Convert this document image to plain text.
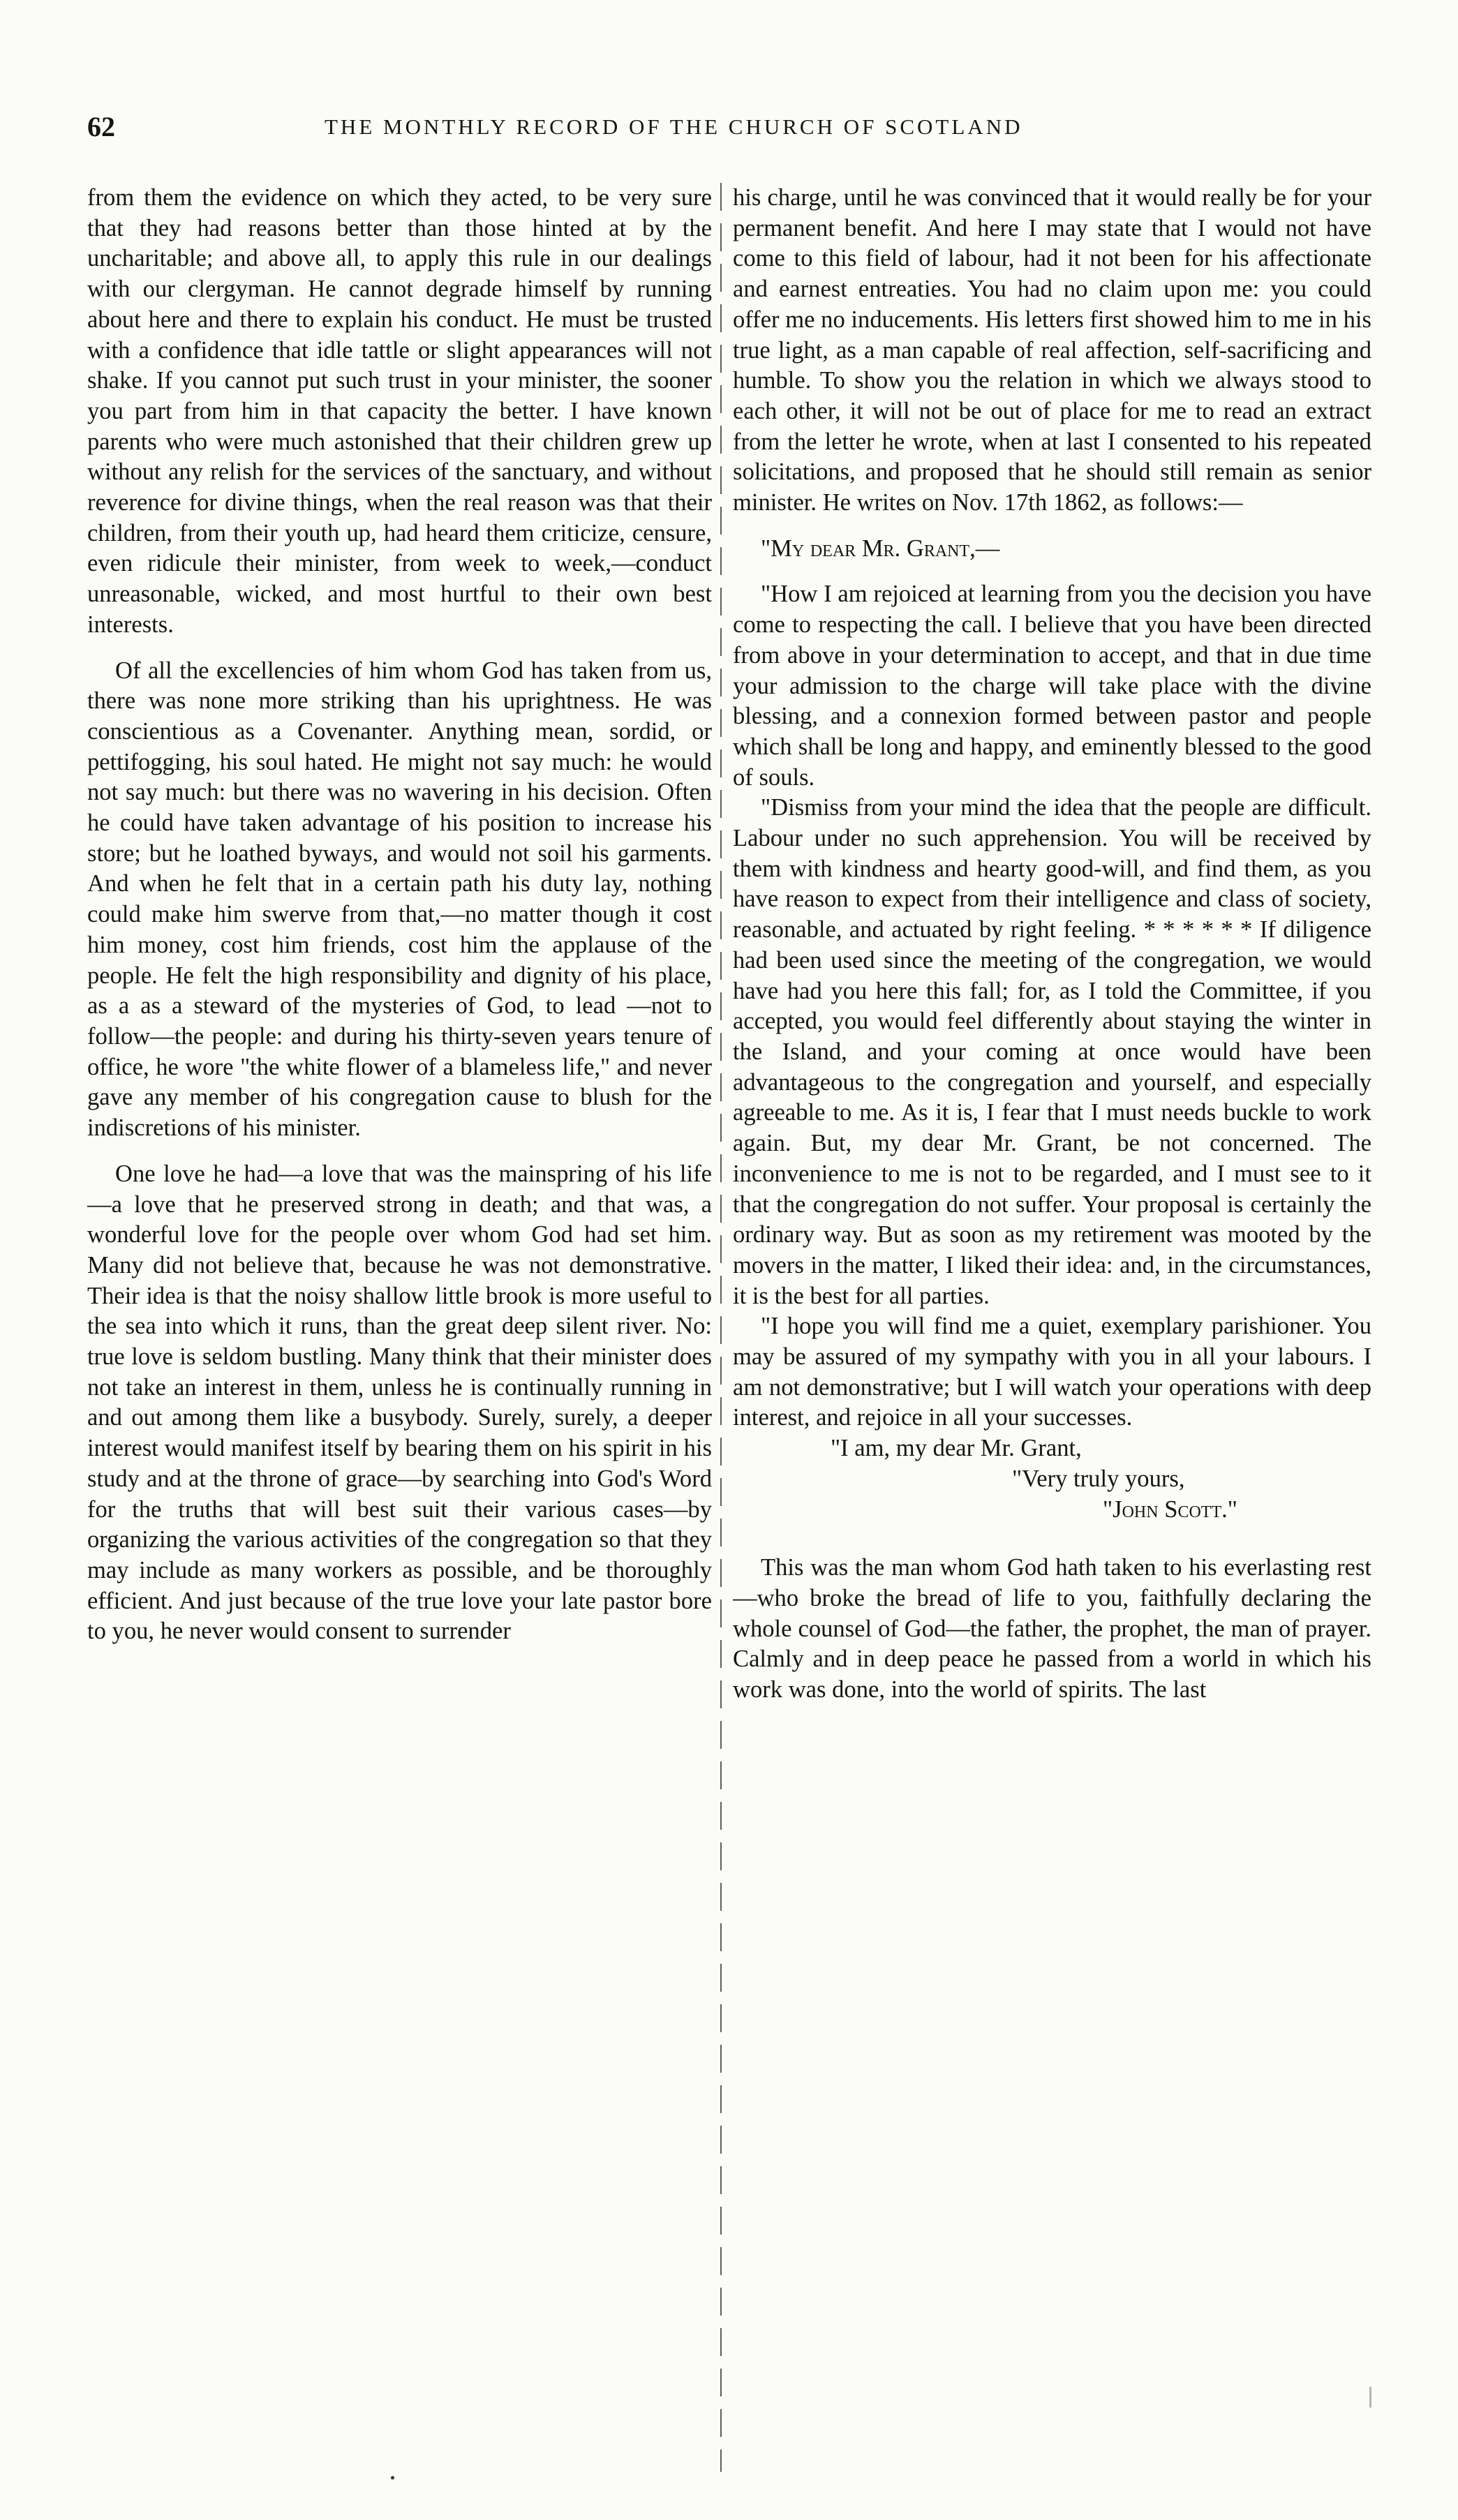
62	THE MONTHLY RECORD OF THE CHURCH OF SCOTLAND

from them the evidence on which they acted, to be very sure that they had reasons better than those hinted at by the uncharitable; and above all, to apply this rule in our dealings with our clergyman. He cannot degrade himself by running about here and there to explain his conduct. He must be trusted with a confidence that idle tattle or slight appearances will not shake. If you cannot put such trust in your minister, the sooner you part from him in that capacity the better. I have known parents who were much astonished that their children grew up without any relish for the services of the sanctuary, and without reverence for divine things, when the real reason was that their children, from their youth up, had heard them criticize, censure, even ridicule their minister, from week to week,—conduct unreasonable, wicked, and most hurtful to their own best interests.

Of all the excellencies of him whom God has taken from us, there was none more striking than his uprightness. He was conscientious as a Covenanter. Anything mean, sordid, or pettifogging, his soul hated. He might not say much: he would not say much: but there was no wavering in his decision. Often he could have taken advantage of his position to increase his store; but he loathed byways, and would not soil his garments. And when he felt that in a certain path his duty lay, nothing could make him swerve from that,—no matter though it cost him money, cost him friends, cost him the applause of the people. He felt the high responsibility and dignity of his place, as a as a steward of the mysteries of God, to lead —not to follow—the people: and during his thirty-seven years tenure of office, he wore "the white flower of a blameless life," and never gave any member of his congregation cause to blush for the indiscretions of his minister.

One love he had—a love that was the mainspring of his life—a love that he preserved strong in death; and that was, a wonderful love for the people over whom God had set him. Many did not believe that, because he was not demonstrative. Their idea is that the noisy shallow little brook is more useful to the sea into which it runs, than the great deep silent river. No: true love is seldom bustling. Many think that their minister does not take an interest in them, unless he is continually running in and out among them like a busybody. Surely, surely, a deeper interest would manifest itself by bearing them on his spirit in his study and at the throne of grace—by searching into God's Word for the truths that will best suit their various cases—by organizing the various activities of the congregation so that they may include as many workers as possible, and be thoroughly efficient. And just because of the true love your late pastor bore to you, he never would consent to surrender

his charge, until he was convinced that it would really be for your permanent benefit. And here I may state that I would not have come to this field of labour, had it not been for his affectionate and earnest entreaties. You had no claim upon me: you could offer me no inducements. His letters first showed him to me in his true light, as a man capable of real affection, self-sacrificing and humble. To show you the relation in which we always stood to each other, it will not be out of place for me to read an extract from the letter he wrote, when at last I consented to his repeated solicitations, and proposed that he should still remain as senior minister. He writes on Nov. 17th 1862, as follows:—

"My dear Mr. Grant,—

"How I am rejoiced at learning from you the decision you have come to respecting the call. I believe that you have been directed from above in your determination to accept, and that in due time your admission to the charge will take place with the divine blessing, and a connexion formed between pastor and people which shall be long and happy, and eminently blessed to the good of souls.

"Dismiss from your mind the idea that the people are difficult. Labour under no such apprehension. You will be received by them with kindness and hearty good-will, and find them, as you have reason to expect from their intelligence and class of society, reasonable, and actuated by right feeling. * * * * * * If diligence had been used since the meeting of the congregation, we would have had you here this fall; for, as I told the Committee, if you accepted, you would feel differently about staying the winter in the Island, and your coming at once would have been advantageous to the congregation and yourself, and especially agreeable to me. As it is, I fear that I must needs buckle to work again. But, my dear Mr. Grant, be not concerned. The inconvenience to me is not to be regarded, and I must see to it that the congregation do not suffer. Your proposal is certainly the ordinary way. But as soon as my retirement was mooted by the movers in the matter, I liked their idea: and, in the circumstances, it is the best for all parties.

"I hope you will find me a quiet, exemplary parishioner. You may be assured of my sympathy with you in all your labours. I am not demonstrative; but I will watch your operations with deep interest, and rejoice in all your successes.

"I am, my dear Mr. Grant,
"Very truly yours,
"John Scott."

This was the man whom God hath taken to his everlasting rest—who broke the bread of life to you, faithfully declaring the whole counsel of God—the father, the prophet, the man of prayer. Calmly and in deep peace he passed from a world in which his work was done, into the world of spirits. The last
